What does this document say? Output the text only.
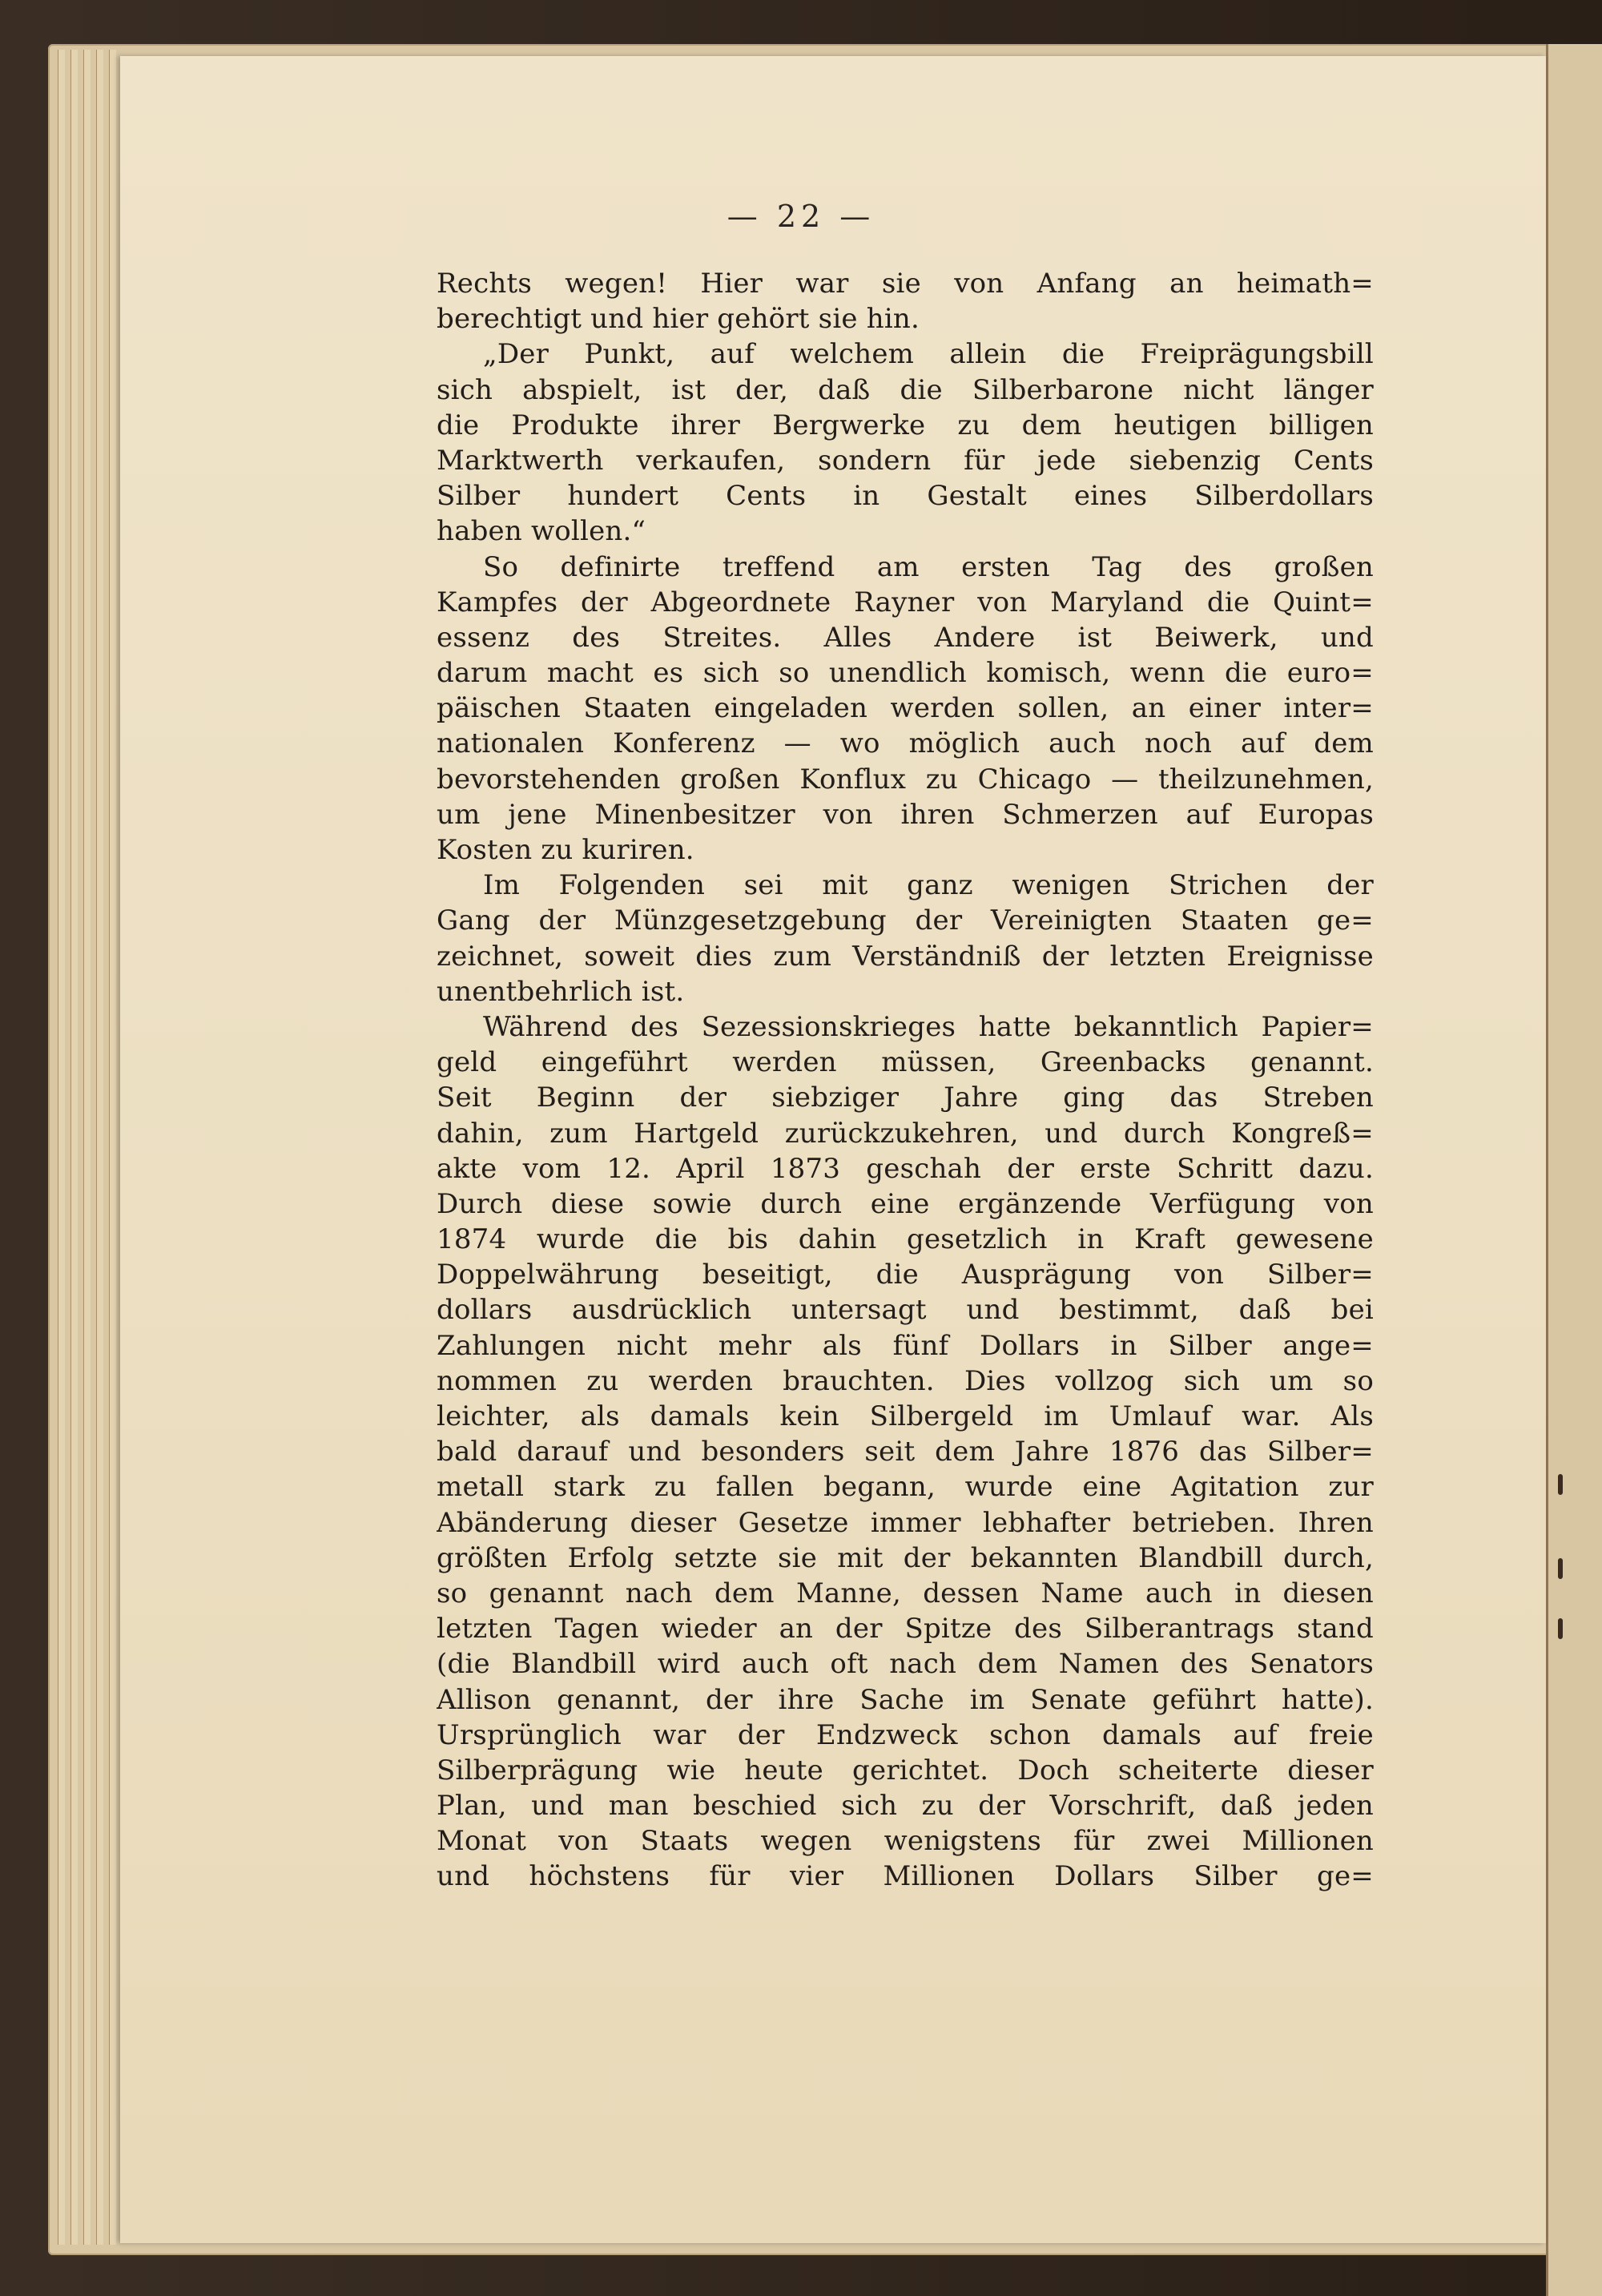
— 22 —
Rechts wegen! Hier war sie von Anfang an heimath=
berechtigt und hier gehört sie hin.
„Der Punkt, auf welchem allein die Freiprägungsbill
sich abspielt, ist der, daß die Silberbarone nicht länger
die Produkte ihrer Bergwerke zu dem heutigen billigen
Marktwerth verkaufen, sondern für jede siebenzig Cents
Silber hundert Cents in Gestalt eines Silberdollars
haben wollen.“
So definirte treffend am ersten Tag des großen
Kampfes der Abgeordnete Rayner von Maryland die Quint=
essenz des Streites. Alles Andere ist Beiwerk, und
darum macht es sich so unendlich komisch, wenn die euro=
päischen Staaten eingeladen werden sollen, an einer inter=
nationalen Konferenz — wo möglich auch noch auf dem
bevorstehenden großen Konflux zu Chicago — theilzunehmen,
um jene Minenbesitzer von ihren Schmerzen auf Europas
Kosten zu kuriren.
Im Folgenden sei mit ganz wenigen Strichen der
Gang der Münzgesetzgebung der Vereinigten Staaten ge=
zeichnet, soweit dies zum Verständniß der letzten Ereignisse
unentbehrlich ist.
Während des Sezessionskrieges hatte bekanntlich Papier=
geld eingeführt werden müssen, Greenbacks genannt.
Seit Beginn der siebziger Jahre ging das Streben
dahin, zum Hartgeld zurückzukehren, und durch Kongreß=
akte vom 12. April 1873 geschah der erste Schritt dazu.
Durch diese sowie durch eine ergänzende Verfügung von
1874 wurde die bis dahin gesetzlich in Kraft gewesene
Doppelwährung beseitigt, die Ausprägung von Silber=
dollars ausdrücklich untersagt und bestimmt, daß bei
Zahlungen nicht mehr als fünf Dollars in Silber ange=
nommen zu werden brauchten. Dies vollzog sich um so
leichter, als damals kein Silbergeld im Umlauf war. Als
bald darauf und besonders seit dem Jahre 1876 das Silber=
metall stark zu fallen begann, wurde eine Agitation zur
Abänderung dieser Gesetze immer lebhafter betrieben. Ihren
größten Erfolg setzte sie mit der bekannten Blandbill durch,
so genannt nach dem Manne, dessen Name auch in diesen
letzten Tagen wieder an der Spitze des Silberantrags stand
(die Blandbill wird auch oft nach dem Namen des Senators
Allison genannt, der ihre Sache im Senate geführt hatte).
Ursprünglich war der Endzweck schon damals auf freie
Silberprägung wie heute gerichtet. Doch scheiterte dieser
Plan, und man beschied sich zu der Vorschrift, daß jeden
Monat von Staats wegen wenigstens für zwei Millionen
und höchstens für vier Millionen Dollars Silber ge=
